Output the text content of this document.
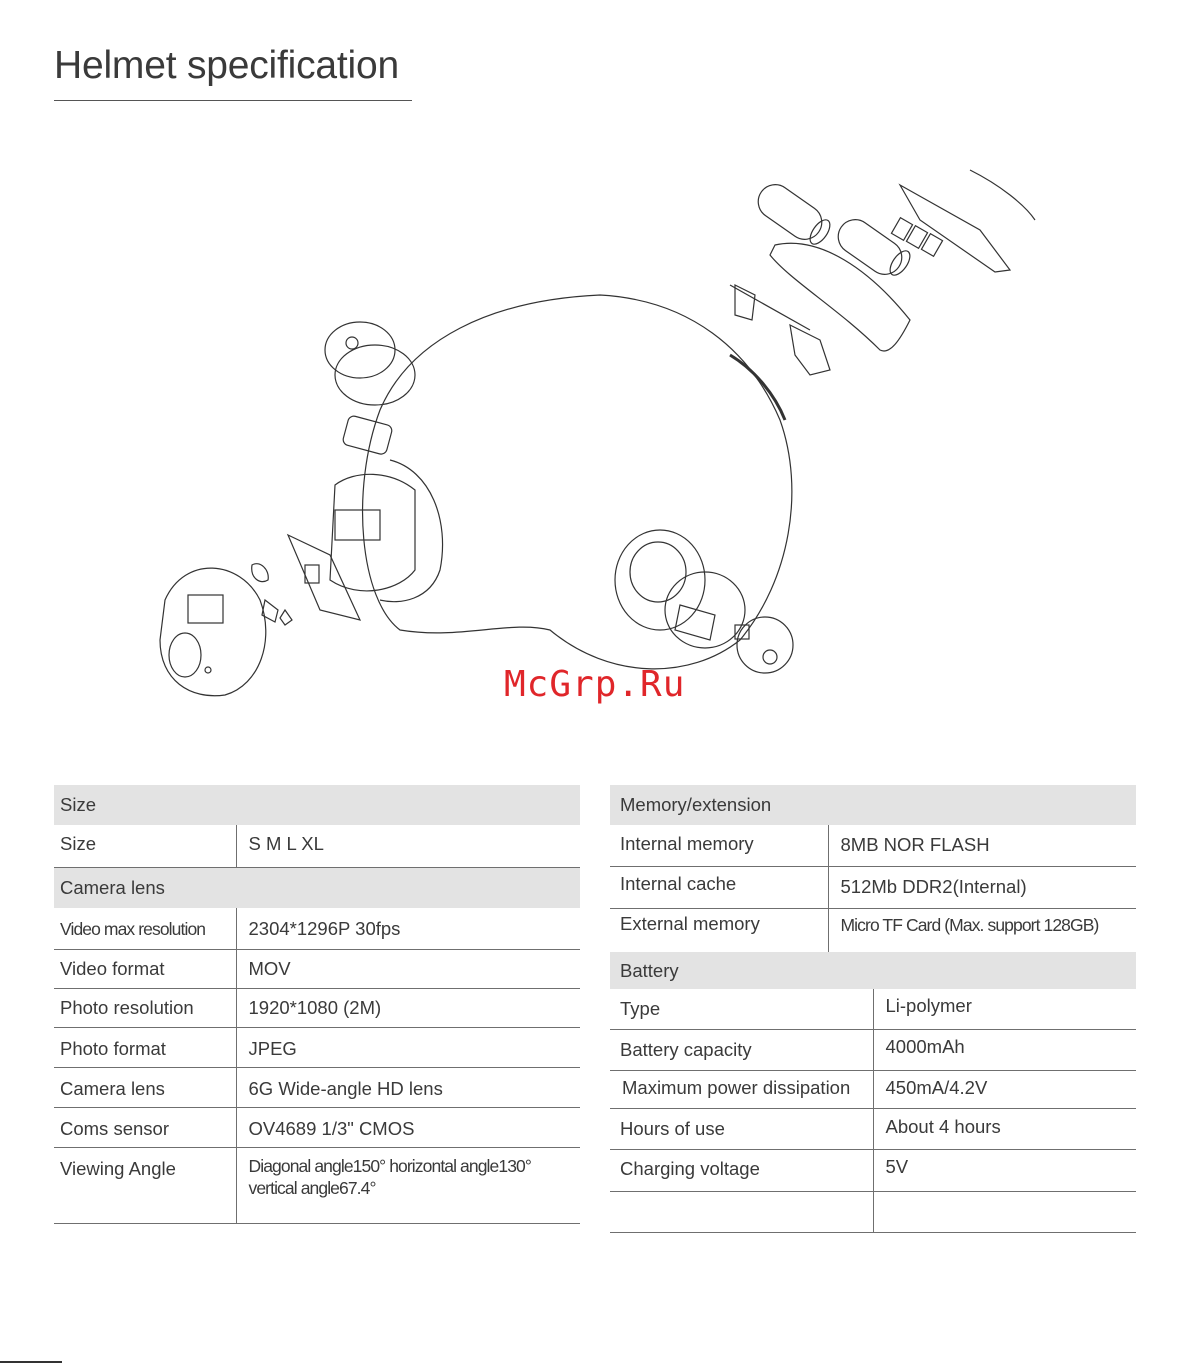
Helmet specification
McGrp.Ru
Size	
Size	S M L XL
Camera lens	
Video max resolution	2304*1296P 30fps
Video format	MOV
Photo resolution	1920*1080 (2M)
Photo format	JPEG
Camera lens	6G Wide-angle HD lens
Coms sensor	OV4689 1/3" CMOS
Viewing Angle	Diagonal angle150° horizontal angle130°
vertical angle67.4°
Memory/extension	
Internal memory	8MB NOR FLASH
Internal cache	512Mb DDR2(Internal)
External memory	Micro TF Card (Max. support 128GB)
Battery	
Type	Li-polymer
Battery capacity	4000mAh
Maximum power dissipation	450mA/4.2V
Hours of use	About 4 hours
Charging voltage	5V
